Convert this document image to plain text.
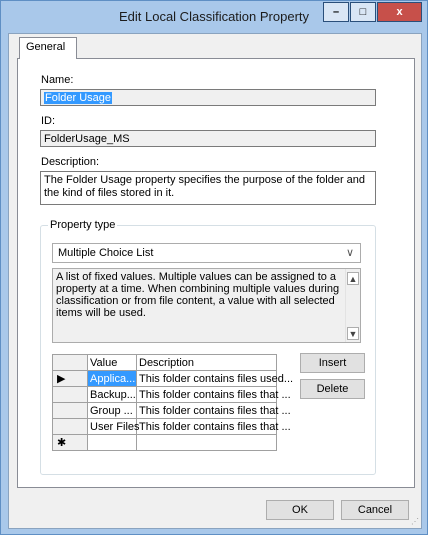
Edit Local Classification Property	–	□	x
General
Name:
Folder Usage
ID:
FolderUsage_MS
Description:
The Folder Usage property specifies the purpose of the folder and the kind of files stored in it.
Property type
Multiple Choice List	∨
A list of fixed values. Multiple values can be assigned to a property at a time. When combining multiple values during classification or from file content, a value with all selected items will be used.
▲
▼
	Value	Description
▶	Applica...	This folder contains files used...
	Backup...	This folder contains files that ...
	Group ...	This folder contains files that ...
	User Files	This folder contains files that ...
✱		
Insert
Delete
OK	Cancel
⋰
